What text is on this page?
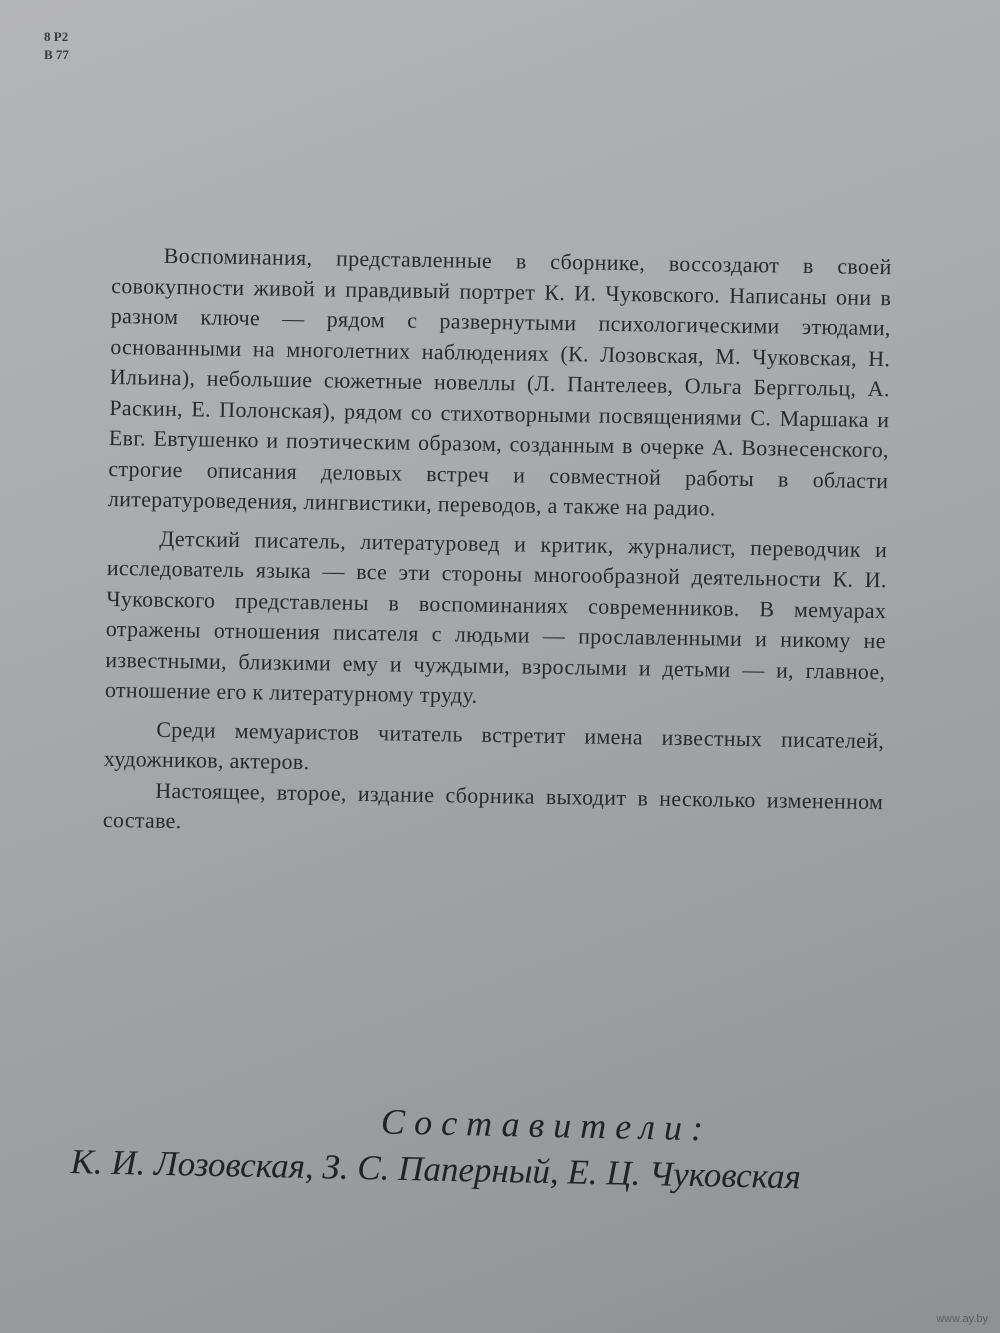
8 Р2
В 77

Воспоминания, представленные в сборнике, воссоздают в своей совокупности живой и правдивый портрет К. И. Чуковского. Написаны они в разном ключе — рядом с развернутыми психологическими этюдами, основанными на многолетних наблюдениях (К. Лозовская, М. Чуковская, Н. Ильина), небольшие сюжетные новеллы (Л. Пантелеев, Ольга Берггольц, А. Раскин, Е. Полонская), рядом со стихотворными посвящениями С. Маршака и Евг. Евтушенко и поэтическим образом, созданным в очерке А. Вознесенского, строгие описания деловых встреч и совместной работы в области литературоведения, лингвистики, переводов, а также на радио.

Детский писатель, литературовед и критик, журналист, переводчик и исследователь языка — все эти стороны многообразной деятельности К. И. Чуковского представлены в воспоминаниях современников. В мемуарах отражены отношения писателя с людьми — прославленными и никому не известными, близкими ему и чуждыми, взрослыми и детьми — и, главное, отношение его к литературному труду.

Среди мемуаристов читатель встретит имена известных писателей, художников, актеров.

Настоящее, второе, издание сборника выходит в несколько измененном составе.

Составители:
К. И. Лозовская, З. С. Паперный, Е. Ц. Чуковская
www.ay.by
